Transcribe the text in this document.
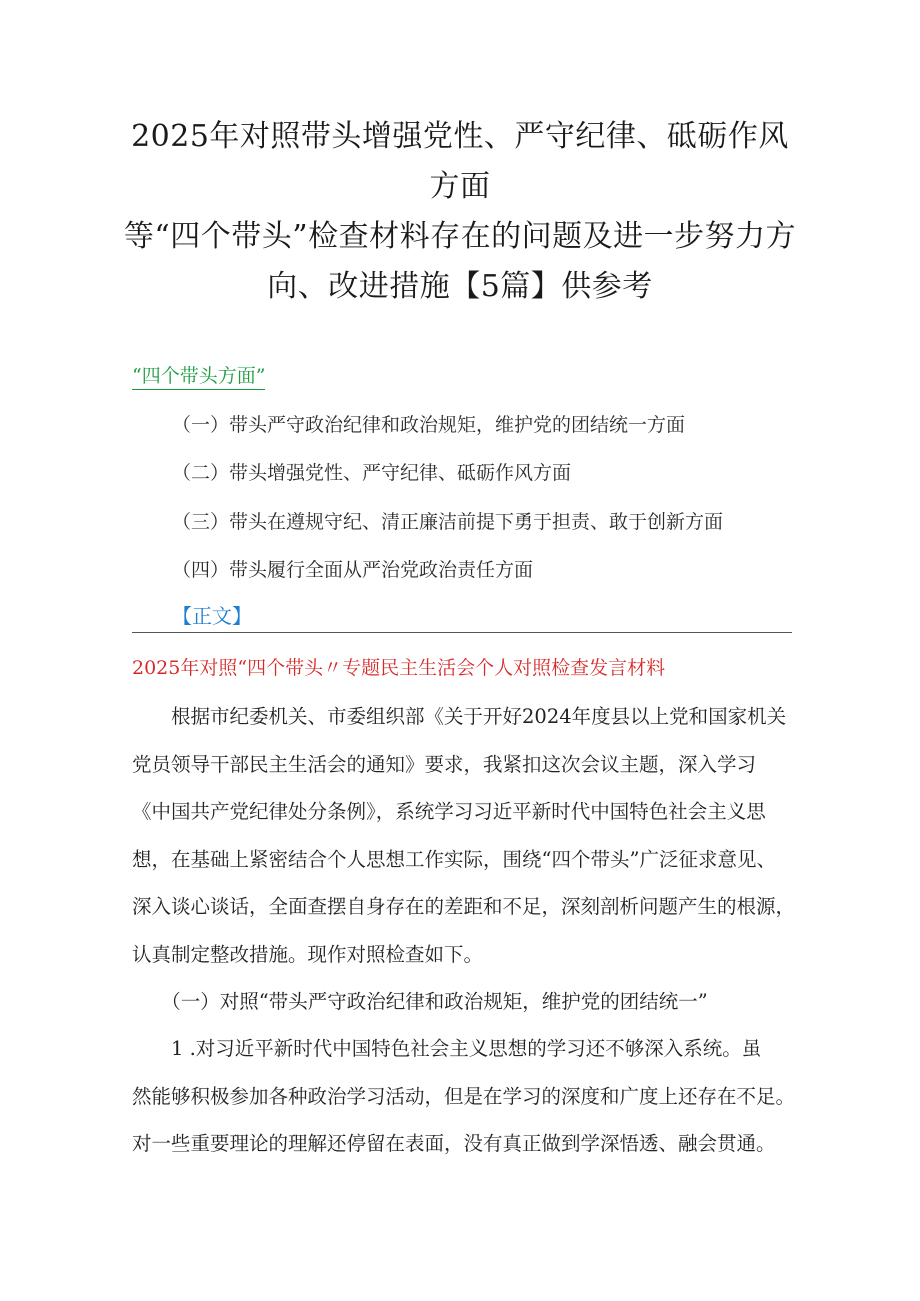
2025年对照带头增强党性、严守纪律、砥砺作风方面
等“四个带头”检查材料存在的问题及进一步努力方
向、改进措施【5篇】供参考
“四个带头方面”
（一）带头严守政治纪律和政治规矩，维护党的团结统一方面
（二）带头增强党性、严守纪律、砥砺作风方面
（三）带头在遵规守纪、清正廉洁前提下勇于担责、敢于创新方面
（四）带头履行全面从严治党政治责任方面
【正文】
2025年对照“四个带头〃专题民主生活会个人对照检查发言材料
　　根据市纪委机关、市委组织部《关于开好2024年度县以上党和国家机关
党员领导干部民主生活会的通知》要求，我紧扣这次会议主题，深入学习
《中国共产党纪律处分条例》，系统学习习近平新时代中国特色社会主义思
想，在基础上紧密结合个人思想工作实际，围绕“四个带头”广泛征求意见、
深入谈心谈话，全面查摆自身存在的差距和不足，深刻剖析问题产生的根源，
认真制定整改措施。现作对照检查如下。
　　（一）对照“带头严守政治纪律和政治规矩，维护党的团结统一”
　　1 .对习近平新时代中国特色社会主义思想的学习还不够深入系统。虽
然能够积极参加各种政治学习活动，但是在学习的深度和广度上还存在不足。
对一些重要理论的理解还停留在表面，没有真正做到学深悟透、融会贯通。
